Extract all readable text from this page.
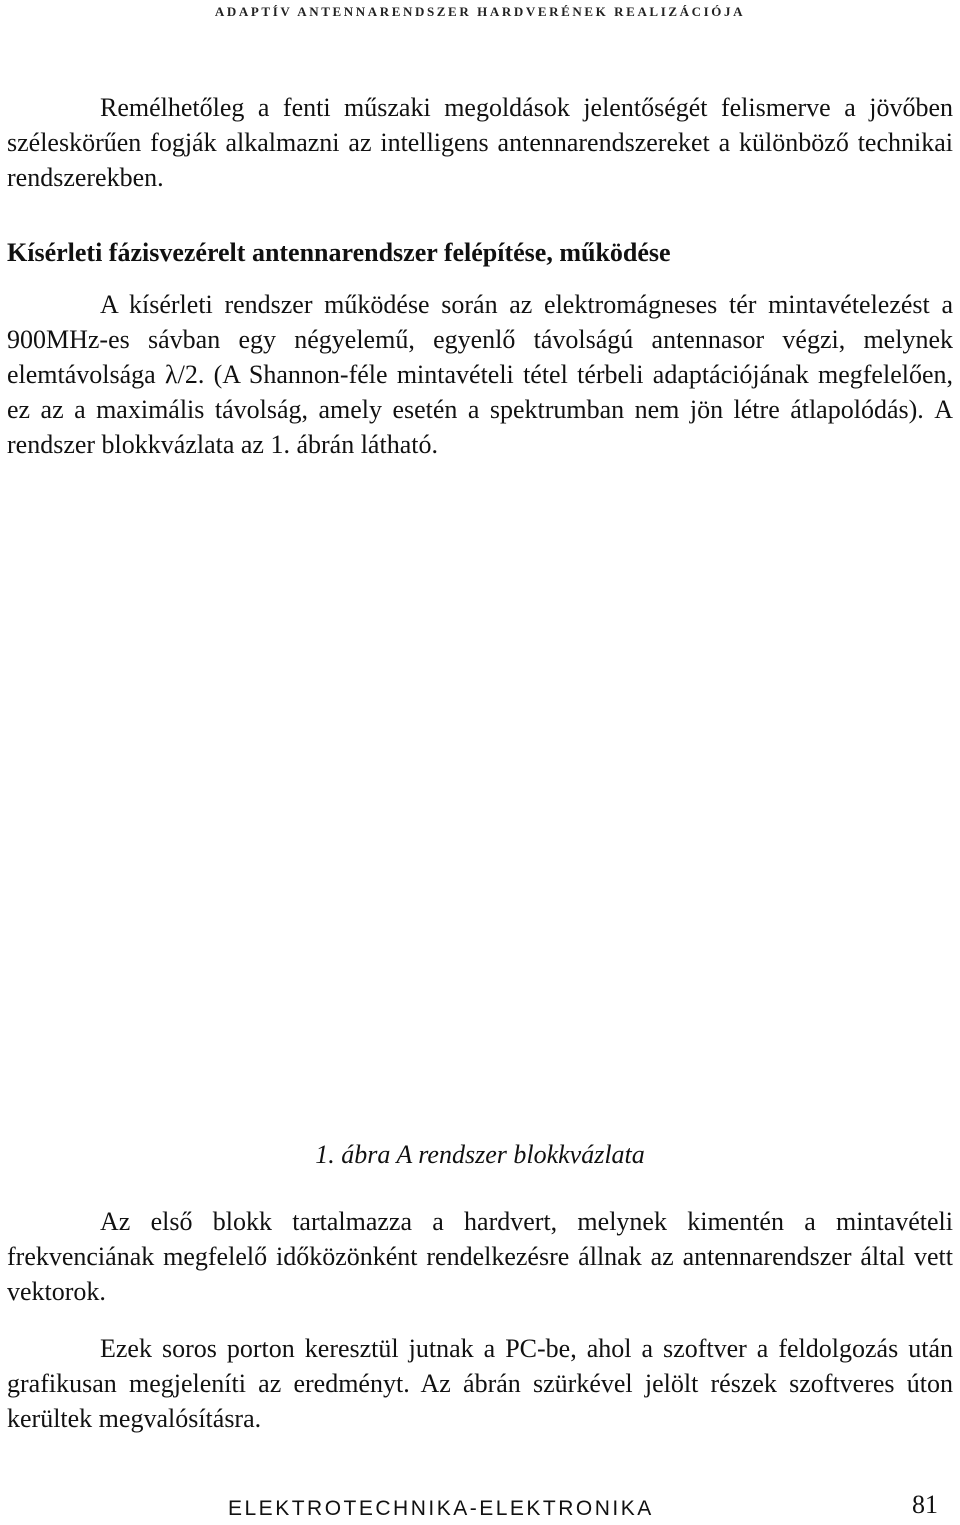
ADAPTÍV ANTENNARENDSZER HARDVERÉNEK REALIZÁCIÓJA

Remélhetőleg a fenti műszaki megoldások jelentőségét felismerve a jövőben széleskörűen fogják alkalmazni az intelligens antennarendszereket a különböző technikai rendszerekben.

Kísérleti fázisvezérelt antennarendszer felépítése, működése

A kísérleti rendszer működése során az elektromágneses tér mintavételezést a 900MHz-es sávban egy négyelemű, egyenlő távolságú antennasor végzi, melynek elemtávolsága λ/2. (A Shannon-féle mintavételi tétel térbeli adaptációjának megfelelően, ez az a maximális távolság, amely esetén a spektrumban nem jön létre átlapolódás). A rendszer blokkvázlata az 1. ábrán látható.

1. ábra A rendszer blokkvázlata

Az első blokk tartalmazza a hardvert, melynek kimentén a mintavételi frekvenciának megfelelő időközönként rendelkezésre állnak az antennarendszer által vett vektorok.

Ezek soros porton keresztül jutnak a PC-be, ahol a szoftver a feldolgozás után grafikusan megjeleníti az eredményt. Az ábrán szürkével jelölt részek szoftveres úton kerültek megvalósításra.

ELEKTROTECHNIKA-ELEKTRONIKA	81
